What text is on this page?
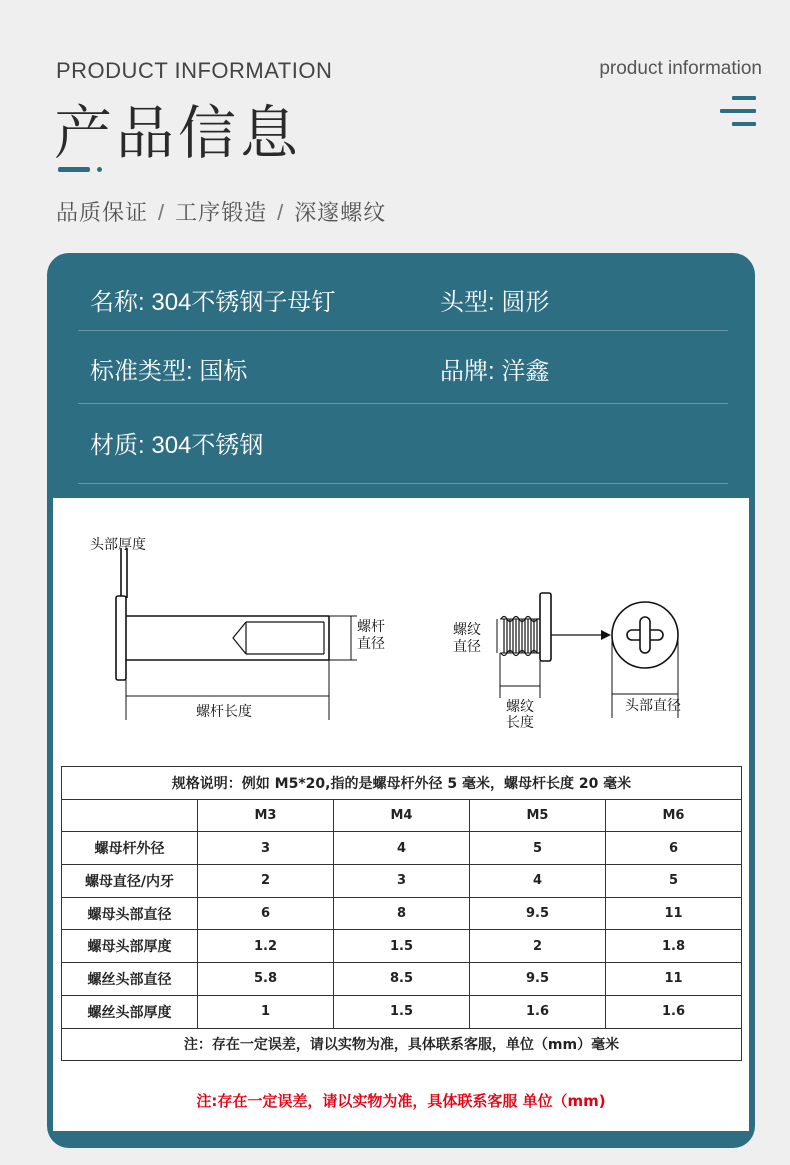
PRODUCT INFORMATION	product information
产品信息
品质保证 / 工序锻造 / 深邃螺纹
名称 : 304不锈钢子母钉	头型 : 圆形
标准类型 : 国标	品牌 : 洋鑫
材质 : 304不锈钢
头部厚度
螺杆
直径
螺杆长度
螺纹
直径
螺纹
长度
头部直径
规格说明：例如 M5*20,指的是螺母杆外径 5 毫米，螺母杆长度 20 毫米				
	M3	M4	M5	M6
螺母杆外径	3	4	5	6
螺母直径/内牙	2	3	4	5
螺母头部直径	6	8	9.5	11
螺母头部厚度	1.2	1.5	2	1.8
螺丝头部直径	5.8	8.5	9.5	11
螺丝头部厚度	1	1.5	1.6	1.6
注：存在一定误差，请以实物为准，具体联系客服，单位（mm）毫米				
注:存在一定误差，请以实物为准，具体联系客服 单位（mm)
